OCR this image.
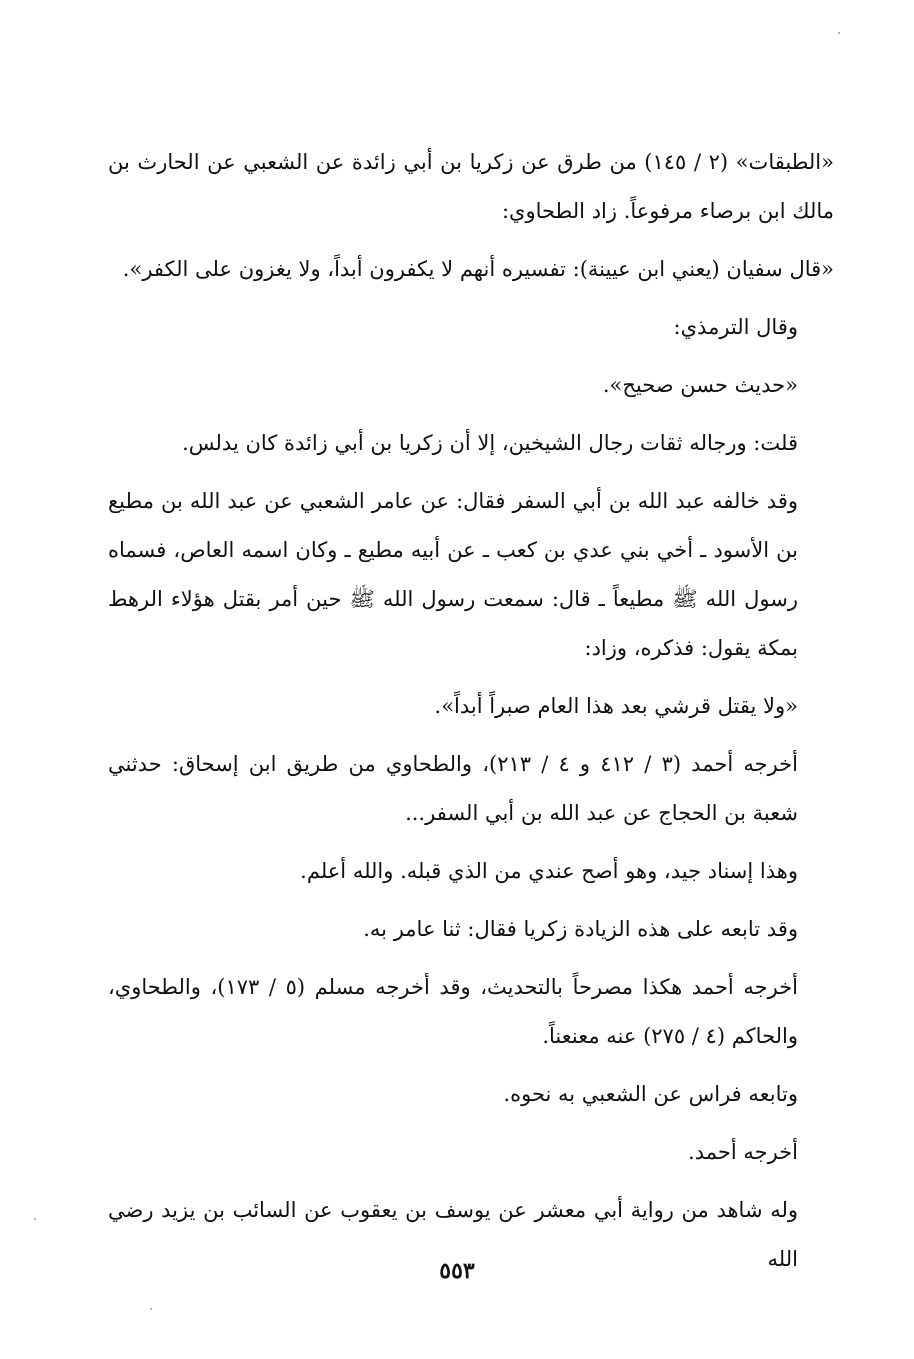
«الطبقات» (٢ / ١٤٥) من طرق عن زكريا بن أبي زائدة عن الشعبي عن الحارث بن مالك ابن برصاء مرفوعاً. زاد الطحاوي:

«قال سفيان (يعني ابن عيينة): تفسيره أنهم لا يكفرون أبداً، ولا يغزون على الكفر».

وقال الترمذي:

«حديث حسن صحيح».

قلت: ورجاله ثقات رجال الشيخين، إلا أن زكريا بن أبي زائدة كان يدلس.

وقد خالفه عبد الله بن أبي السفر فقال: عن عامر الشعبي عن عبد الله بن مطيع بن الأسود ـ أخي بني عدي بن كعب ـ عن أبيه مطيع ـ وكان اسمه العاص، فسماه رسول الله ﷺ مطيعاً ـ قال: سمعت رسول الله ﷺ حين أمر بقتل هؤلاء الرهط بمكة يقول: فذكره، وزاد:

«ولا يقتل قرشي بعد هذا العام صبراً أبداً».

أخرجه أحمد (٣ / ٤١٢ و ٤ / ٢١٣)، والطحاوي من طريق ابن إسحاق: حدثني شعبة بن الحجاج عن عبد الله بن أبي السفر...

وهذا إسناد جيد، وهو أصح عندي من الذي قبله. والله أعلم.

وقد تابعه على هذه الزيادة زكريا فقال: ثنا عامر به.

أخرجه أحمد هكذا مصرحاً بالتحديث، وقد أخرجه مسلم (٥ / ١٧٣)، والطحاوي، والحاكم (٤ / ٢٧٥) عنه معنعناً.

وتابعه فراس عن الشعبي به نحوه.

أخرجه أحمد.

وله شاهد من رواية أبي معشر عن يوسف بن يعقوب عن السائب بن يزيد رضي الله

٥٥٣
